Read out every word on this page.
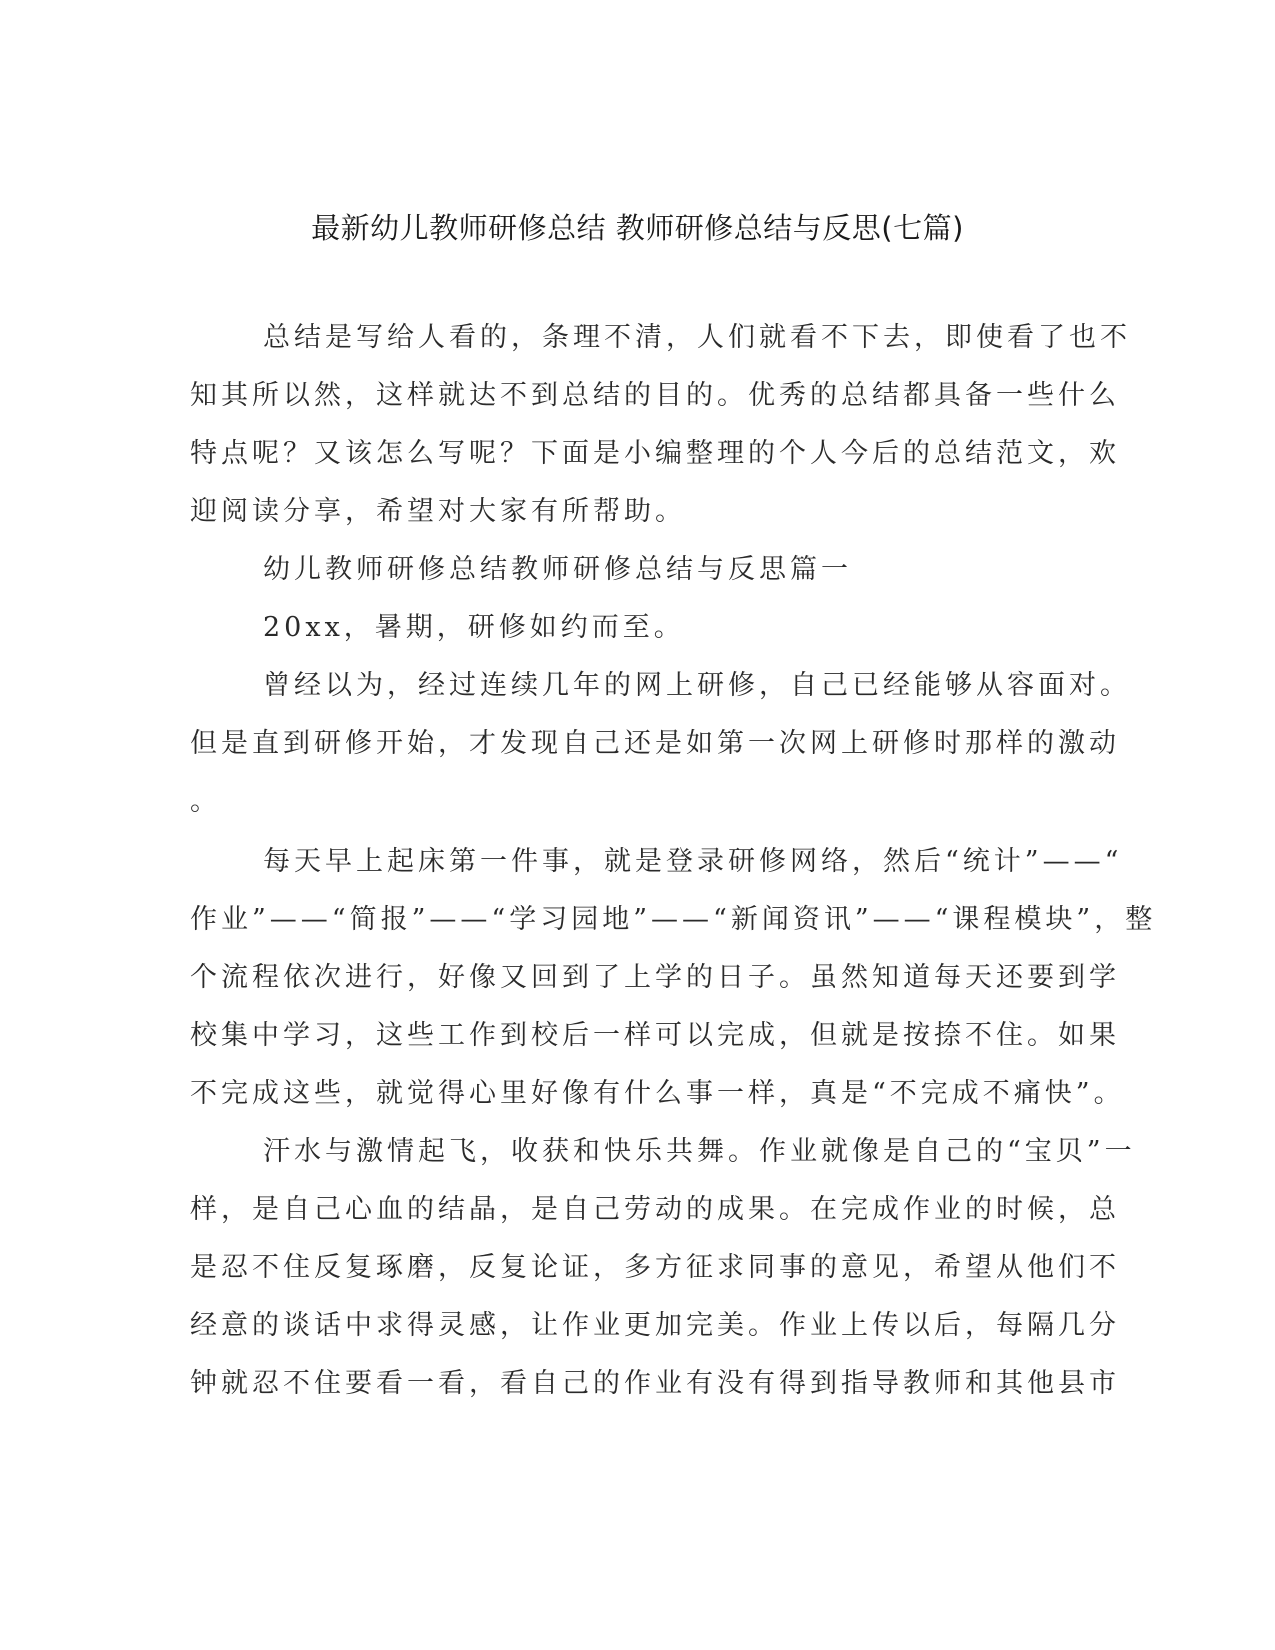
最新幼儿教师研修总结 教师研修总结与反思(七篇)
总结是写给人看的，条理不清，人们就看不下去，即使看了也不
知其所以然，这样就达不到总结的目的。优秀的总结都具备一些什么
特点呢？又该怎么写呢？下面是小编整理的个人今后的总结范文，欢
迎阅读分享，希望对大家有所帮助。
幼儿教师研修总结教师研修总结与反思篇一
20xx，暑期，研修如约而至。
曾经以为，经过连续几年的网上研修，自己已经能够从容面对。
但是直到研修开始，才发现自己还是如第一次网上研修时那样的激动
。
每天早上起床第一件事，就是登录研修网络，然后“统计”——“
作业”——“简报”——“学习园地”——“新闻资讯”——“课程模块”，整
个流程依次进行，好像又回到了上学的日子。虽然知道每天还要到学
校集中学习，这些工作到校后一样可以完成，但就是按捺不住。如果
不完成这些，就觉得心里好像有什么事一样，真是“不完成不痛快”。
汗水与激情起飞，收获和快乐共舞。作业就像是自己的“宝贝”一
样，是自己心血的结晶，是自己劳动的成果。在完成作业的时候，总
是忍不住反复琢磨，反复论证，多方征求同事的意见，希望从他们不
经意的谈话中求得灵感，让作业更加完美。作业上传以后，每隔几分
钟就忍不住要看一看，看自己的作业有没有得到指导教师和其他县市
